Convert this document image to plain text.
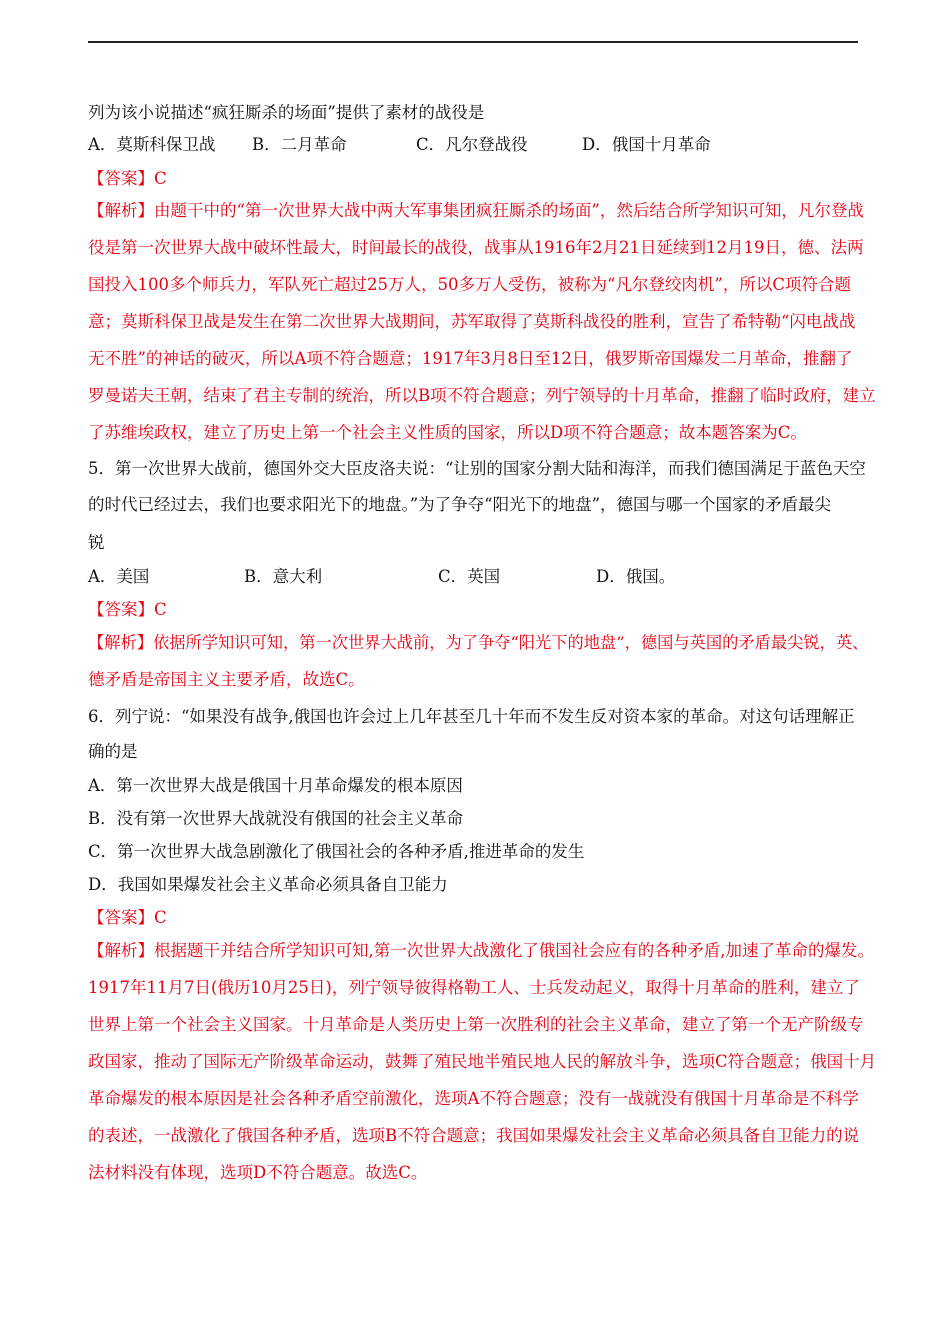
列为该小说描述“疯狂厮杀的场面”提供了素材的战役是
A．莫斯科保卫战 B．二月革命	C．凡尔登战役	D．俄国十月革命
【答案】C
【解析】由题干中的“第一次世界大战中两大军事集团疯狂厮杀的场面”，然后结合所学知识可知，凡尔登战
役是第一次世界大战中破坏性最大，时间最长的战役，战事从1916年2月21日延续到12月19日，德、法两
国投入100多个师兵力，军队死亡超过25万人，50多万人受伤，被称为“凡尔登绞肉机”，所以C项符合题
意；莫斯科保卫战是发生在第二次世界大战期间，苏军取得了莫斯科战役的胜利，宣告了希特勒“闪电战战
无不胜”的神话的破灭，所以A项不符合题意；1917年3月8日至12日，俄罗斯帝国爆发二月革命，推翻了
罗曼诺夫王朝，结束了君主专制的统治，所以B项不符合题意；列宁领导的十月革命，推翻了临时政府，建立
了苏维埃政权，建立了历史上第一个社会主义性质的国家，所以D项不符合题意；故本题答案为C。
5．第一次世界大战前，德国外交大臣皮洛夫说：“让别的国家分割大陆和海洋，而我们德国满足于蓝色天空
的时代已经过去，我们也要求阳光下的地盘。”为了争夺“阳光下的地盘”，德国与哪一个国家的矛盾最尖
锐
A．美国	B．意大利	C．英国	D．俄国。
【答案】C
【解析】依据所学知识可知，第一次世界大战前，为了争夺“阳光下的地盘”，德国与英国的矛盾最尖锐，英、
德矛盾是帝国主义主要矛盾，故选C。
6．列宁说：“如果没有战争,俄国也许会过上几年甚至几十年而不发生反对资本家的革命。对这句话理解正
确的是
A．第一次世界大战是俄国十月革命爆发的根本原因
B．没有第一次世界大战就没有俄国的社会主义革命
C．第一次世界大战急剧激化了俄国社会的各种矛盾,推进革命的发生
D．我国如果爆发社会主义革命必须具备自卫能力
【答案】C
【解析】根据题干并结合所学知识可知,第一次世界大战激化了俄国社会应有的各种矛盾,加速了革命的爆发。
1917年11月7日(俄历10月25日)，列宁领导彼得格勒工人、士兵发动起义，取得十月革命的胜利，建立了
世界上第一个社会主义国家。十月革命是人类历史上第一次胜利的社会主义革命，建立了第一个无产阶级专
政国家，推动了国际无产阶级革命运动，鼓舞了殖民地半殖民地人民的解放斗争，选项C符合题意；俄国十月
革命爆发的根本原因是社会各种矛盾空前激化，选项A不符合题意；没有一战就没有俄国十月革命是不科学
的表述，一战激化了俄国各种矛盾，选项B不符合题意；我国如果爆发社会主义革命必须具备自卫能力的说
法材料没有体现，选项D不符合题意。故选C。
